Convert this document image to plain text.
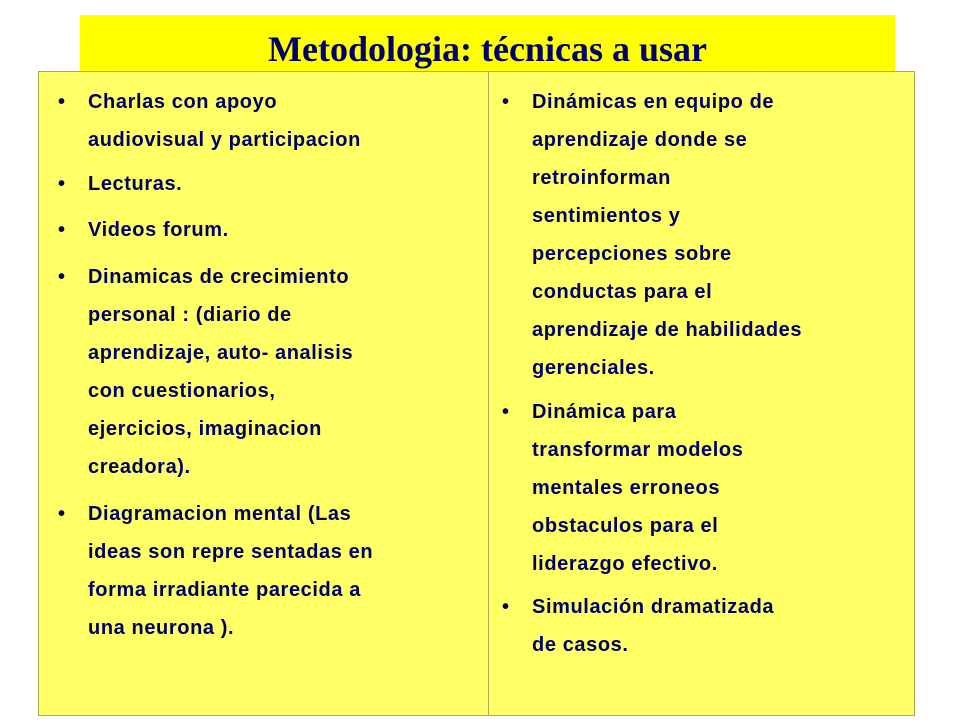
Metodologia: técnicas a usar
•	Charlas con apoyo
audiovisual y participacion
•	Lecturas.
•	Videos forum.
•	Dinamicas de crecimiento
personal : (diario de
aprendizaje, auto- analisis
con cuestionarios,
ejercicios, imaginacion
creadora).
•	Diagramacion mental (Las
ideas son repre sentadas en
forma irradiante parecida a
una neurona ).
•	Dinámicas en equipo de
aprendizaje donde se
retroinforman
sentimientos y
percepciones sobre
conductas para el
aprendizaje de habilidades
gerenciales.
•	Dinámica para
transformar modelos
mentales erroneos
obstaculos para el
liderazgo efectivo.
•	Simulación dramatizada
de casos.
